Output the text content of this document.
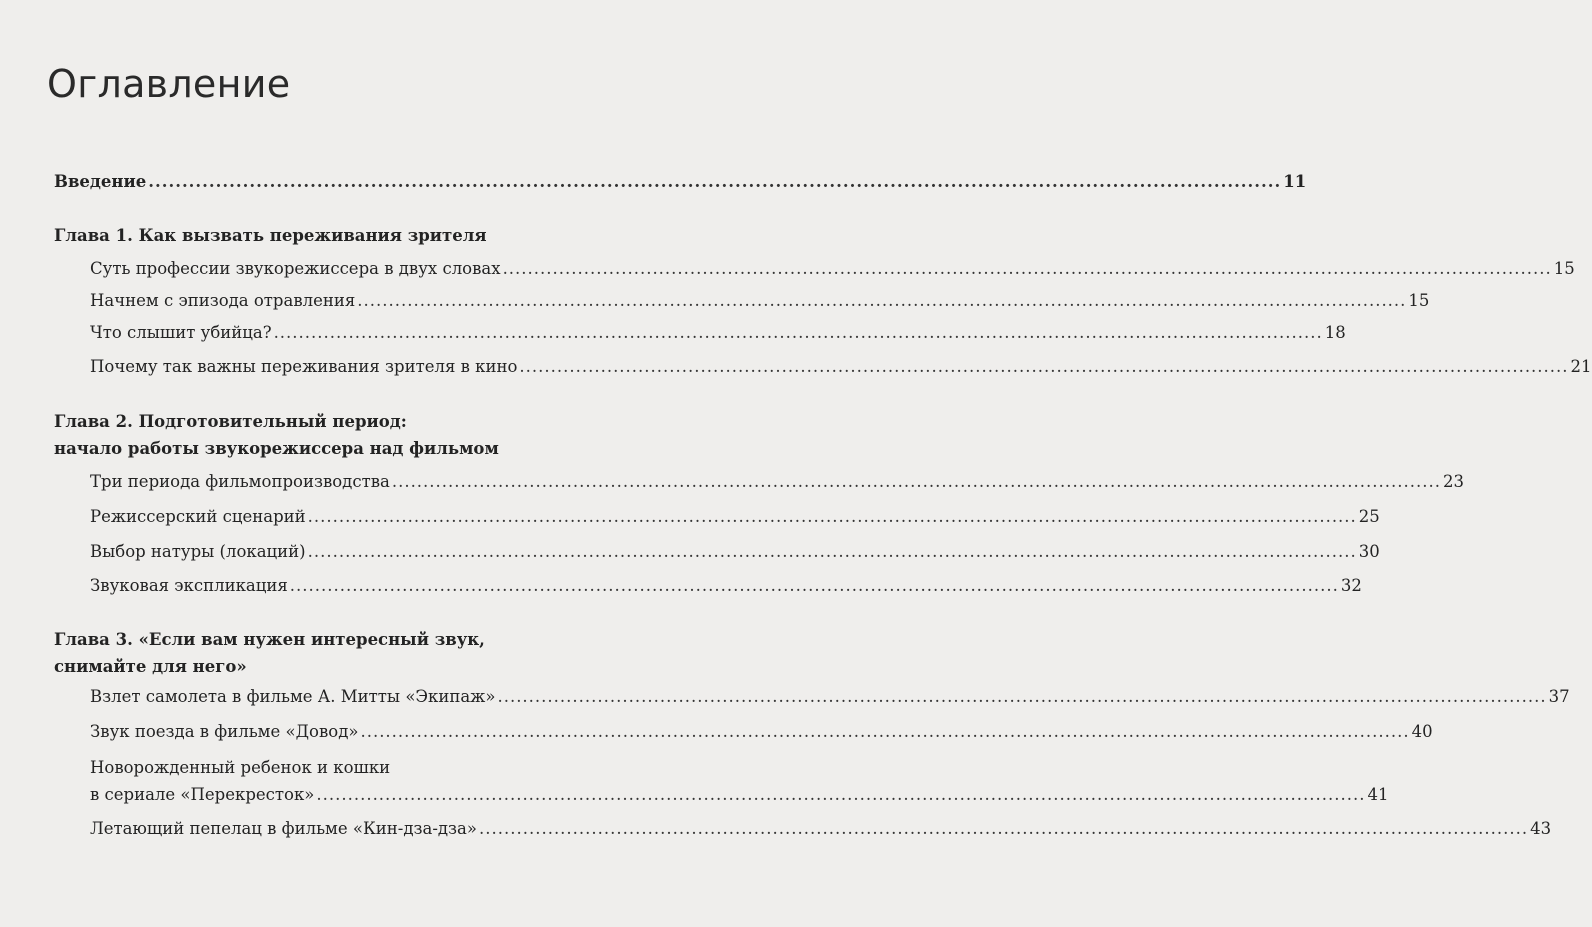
Оглавление
Введение ........................................................................................................................................................................ 11
Глава 1. Как вызвать переживания зрителя
Суть профессии звукорежиссера в двух словах ........................................................................................................................................................................ 15
Начнем с эпизода отравления ........................................................................................................................................................................ 15
Что слышит убийца? ........................................................................................................................................................................ 18
Почему так важны переживания зрителя в кино ........................................................................................................................................................................ 21
Глава 2. Подготовительный период:
начало работы звукорежиссера над фильмом
Три периода фильмопроизводства ........................................................................................................................................................................ 23
Режиссерский сценарий ........................................................................................................................................................................ 25
Выбор натуры (локаций) ........................................................................................................................................................................ 30
Звуковая экспликация ........................................................................................................................................................................ 32
Глава 3. «Если вам нужен интересный звук,
снимайте для него»
Взлет самолета в фильме А. Митты «Экипаж» ........................................................................................................................................................................ 37
Звук поезда в фильме «Довод» ........................................................................................................................................................................ 40
Новорожденный ребенок и кошки
в сериале «Перекресток» ........................................................................................................................................................................ 41
Летающий пепелац в фильме «Кин-дза-дза» ........................................................................................................................................................................ 43
